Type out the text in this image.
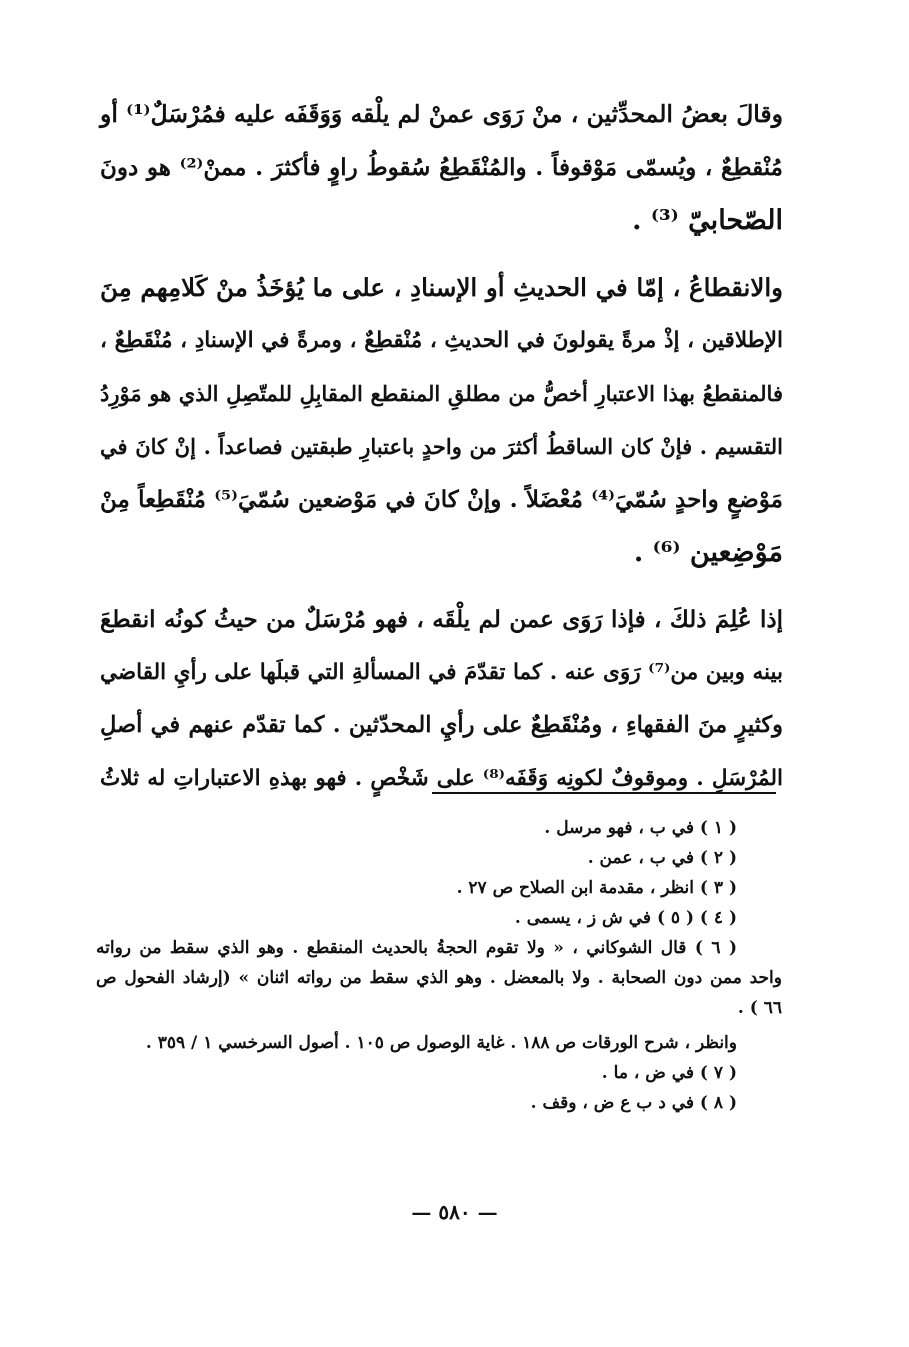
وقالَ بعضُ المحدِّثين ، منْ رَوَى عمنْ لم يلْقه وَوَقَفَه عليه فمُرْسَلٌ⁽¹⁾ أو
مُنْقطِعٌ ، ويُسمّى مَوْقوفاً . والمُنْقَطِعُ سُقوطُ راوٍ فأكثرَ . ممنْ⁽²⁾ هو دونَ
الصّحابيّ ⁽³⁾ .
والانقطاعُ ، إمّا في الحديثِ أو الإسنادِ ، على ما يُؤخَذُ منْ كَلامِهم مِنَ
الإطلاقين ، إذْ مرةً يقولونَ في الحديثِ ، مُنْقطِعٌ ، ومرةً في الإسنادِ ، مُنْقَطِعٌ ،
فالمنقطعُ بهذا الاعتبارِ أخصُّ من مطلقِ المنقطع المقابِلِ للمتّصِلِ الذي هو مَوْرِدُ
التقسيم . فإنْ كان الساقطُ أكثرَ من واحدٍ باعتبارِ طبقتين فصاعداً . إنْ كانَ في
مَوْضعٍ واحدٍ سُمّيَ⁽⁴⁾ مُعْضَلاً . وإنْ كانَ في مَوْضعين سُمّيَ⁽⁵⁾ مُنْقَطِعاً مِنْ
مَوْضِعين ⁽⁶⁾ .
إذا عُلِمَ ذلكَ ، فإذا رَوَى عمن لم يلْقَه ، فهو مُرْسَلٌ من حيثُ كونُه انقطعَ
بينه وبين من⁽⁷⁾ رَوَى عنه . كما تقدّمَ في المسألةِ التي قبلَها على رأيِ القاضي
وكثيرٍ منَ الفقهاءِ ، ومُنْقَطِعٌ على رأيِ المحدّثين . كما تقدّم عنهم في أصلِ
المُرْسَلِ . وموقوفٌ لكونِه وَقَفَه⁽⁸⁾ على شَخْصٍ . فهو بهذهِ الاعتباراتِ له ثلاثُ
( ١ ) في ب ، فهو مرسل .
( ٢ ) في ب ، عمن .
( ٣ ) انظر ، مقدمة ابن الصلاح ص ٢٧ .
( ٤ ) ( ٥ ) في ش ز ، يسمى .
( ٦ ) قال الشوكاني ، « ولا تقوم الحجةُ بالحديث المنقطع . وهو الذي سقط من رواته
واحد ممن دون الصحابة . ولا بالمعضل . وهو الذي سقط من رواته اثنان » (إرشاد الفحول ص
٦٦ ) .
وانظر ، شرح الورقات ص ١٨٨ . غاية الوصول ص ١٠٥ . أصول السرخسي ١ / ٣٥٩ .
( ٧ ) في ض ، ما .
( ٨ ) في د ب ع ض ، وقف .
— ٥٨٠ —
